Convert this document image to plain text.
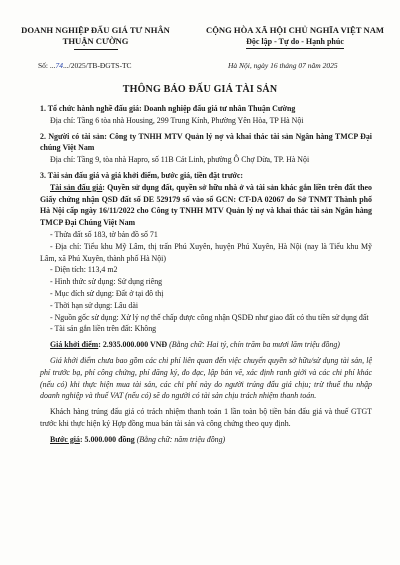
DOANH NGHIỆP ĐẤU GIÁ TƯ NHÂN
THUẬN CƯỜNG
CỘNG HÒA XÃ HỘI CHỦ NGHĨA VIỆT NAM
Độc lập - Tự do - Hạnh phúc
Số: ...74.../2025/TB-ĐGTS-TC	Hà Nội, ngày 16 tháng 07 năm 2025
THÔNG BÁO ĐẤU GIÁ TÀI SẢN

1. Tổ chức hành nghề đấu giá: Doanh nghiệp đấu giá tư nhân Thuận Cường

Địa chỉ: Tầng 6 tòa nhà Housing, 299 Trung Kính, Phường Yên Hòa, TP Hà Nội

2. Người có tài sản: Công ty TNHH MTV Quản lý nợ và khai thác tài sản Ngân hàng TMCP Đại chúng Việt Nam

Địa chỉ: Tầng 9, tòa nhà Hapro, số 11B Cát Linh, phường Ô Chợ Dừa, TP. Hà Nội

3. Tài sản đấu giá và giá khởi điểm, bước giá, tiền đặt trước:

Tài sản đấu giá: Quyền sử dụng đất, quyền sở hữu nhà ở và tài sản khác gắn liền trên đất theo Giấy chứng nhận QSD đất số DE 529179 số vào sổ GCN: CT-DA 02067 do Sở TNMT Thành phố Hà Nội cấp ngày 16/11/2022 cho Công ty TNHH MTV Quản lý nợ và khai thác tài sản Ngân hàng TMCP Đại Chúng Việt Nam

- Thửa đất số 183, tờ bản đồ số 71

- Địa chỉ: Tiểu khu Mỹ Lâm, thị trấn Phú Xuyên, huyện Phú Xuyên, Hà Nội (nay là Tiểu khu Mỹ Lâm, xã Phú Xuyên, thành phố Hà Nội)

- Diện tích: 113,4 m2

- Hình thức sử dụng: Sử dụng riêng

- Mục đích sử dụng: Đất ở tại đô thị

- Thời hạn sử dụng: Lâu dài

- Nguồn gốc sử dụng: Xử lý nợ thế chấp được công nhận QSDĐ như giao đất có thu tiền sử dụng đất

- Tài sản gắn liền trên đất: Không

Giá khởi điểm: 2.935.000.000 VNĐ (Bằng chữ: Hai tỷ, chín trăm ba mươi lăm triệu đồng)

Giá khởi điểm chưa bao gồm các chi phí liên quan đến việc chuyển quyền sở hữu/sử dụng tài sản, lệ phí trước bạ, phí công chứng, phí đăng ký, đo đạc, lập bản vẽ, xác định ranh giới và các chi phí khác (nếu có) khi thực hiện mua tài sản, các chi phí này do người trúng đấu giá chịu; trừ thuế thu nhập doanh nghiệp và thuế VAT (nếu có) sẽ do người có tài sản chịu trách nhiệm thanh toán.

Khách hàng trúng đấu giá có trách nhiệm thanh toán 1 lần toàn bộ tiền bán đấu giá và thuế GTGT trước khi thực hiện ký Hợp đồng mua bán tài sản và công chứng theo quy định.

Bước giá: 5.000.000 đồng (Bằng chữ: năm triệu đồng)
